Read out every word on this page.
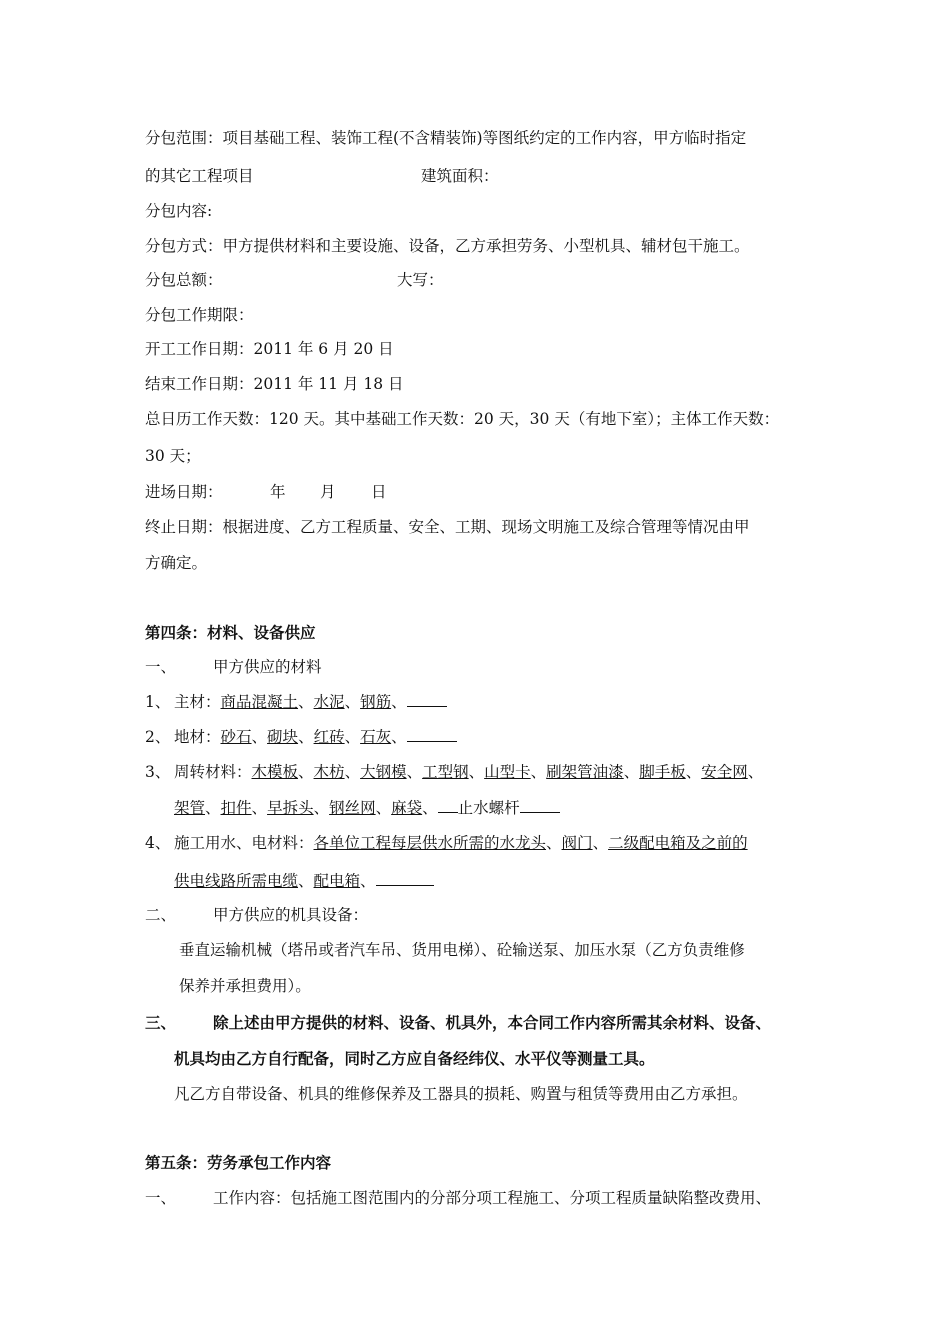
分包范围：项目基础工程、装饰工程(不含精装饰)等图纸约定的工作内容，甲方临时指定
的其它工程项目	建筑面积：
分包内容:
分包方式：甲方提供材料和主要设施、设备，乙方承担劳务、小型机具、辅材包干施工。
分包总额：	大写：
分包工作期限：
开工工作日期：2011 年 6 月 20 日
结束工作日期：2011 年 11 月 18 日
总日历工作天数：120 天。其中基础工作天数：20 天，30 天（有地下室）；主体工作天数：
30 天；
进场日期：	年 月 日
终止日期：根据进度、乙方工程质量、安全、工期、现场文明施工及综合管理等情况由甲
方确定。
第四条：材料、设备供应
一、 甲方供应的材料
1、 主材：商品混凝土、水泥、钢筋、
2、 地材：砂石、砌块、红砖、石灰、
3、 周转材料：木模板、木枋、大钢模、工型钢、山型卡、刷架管油漆、脚手板、安全网、
架管、扣件、早拆头、钢丝网、麻袋、 止水螺杆
4、 施工用水、电材料：各单位工程每层供水所需的水龙头、阀门、二级配电箱及之前的
供电线路所需电缆、配电箱、
二、 甲方供应的机具设备：
垂直运输机械（塔吊或者汽车吊、货用电梯）、砼输送泵、加压水泵（乙方负责维修
保养并承担费用）。
三、 除上述由甲方提供的材料、设备、机具外，本合同工作内容所需其余材料、设备、
机具均由乙方自行配备，同时乙方应自备经纬仪、水平仪等测量工具。
凡乙方自带设备、机具的维修保养及工器具的损耗、购置与租赁等费用由乙方承担。
第五条：劳务承包工作内容
一、 工作内容：包括施工图范围内的分部分项工程施工、分项工程质量缺陷整改费用、
